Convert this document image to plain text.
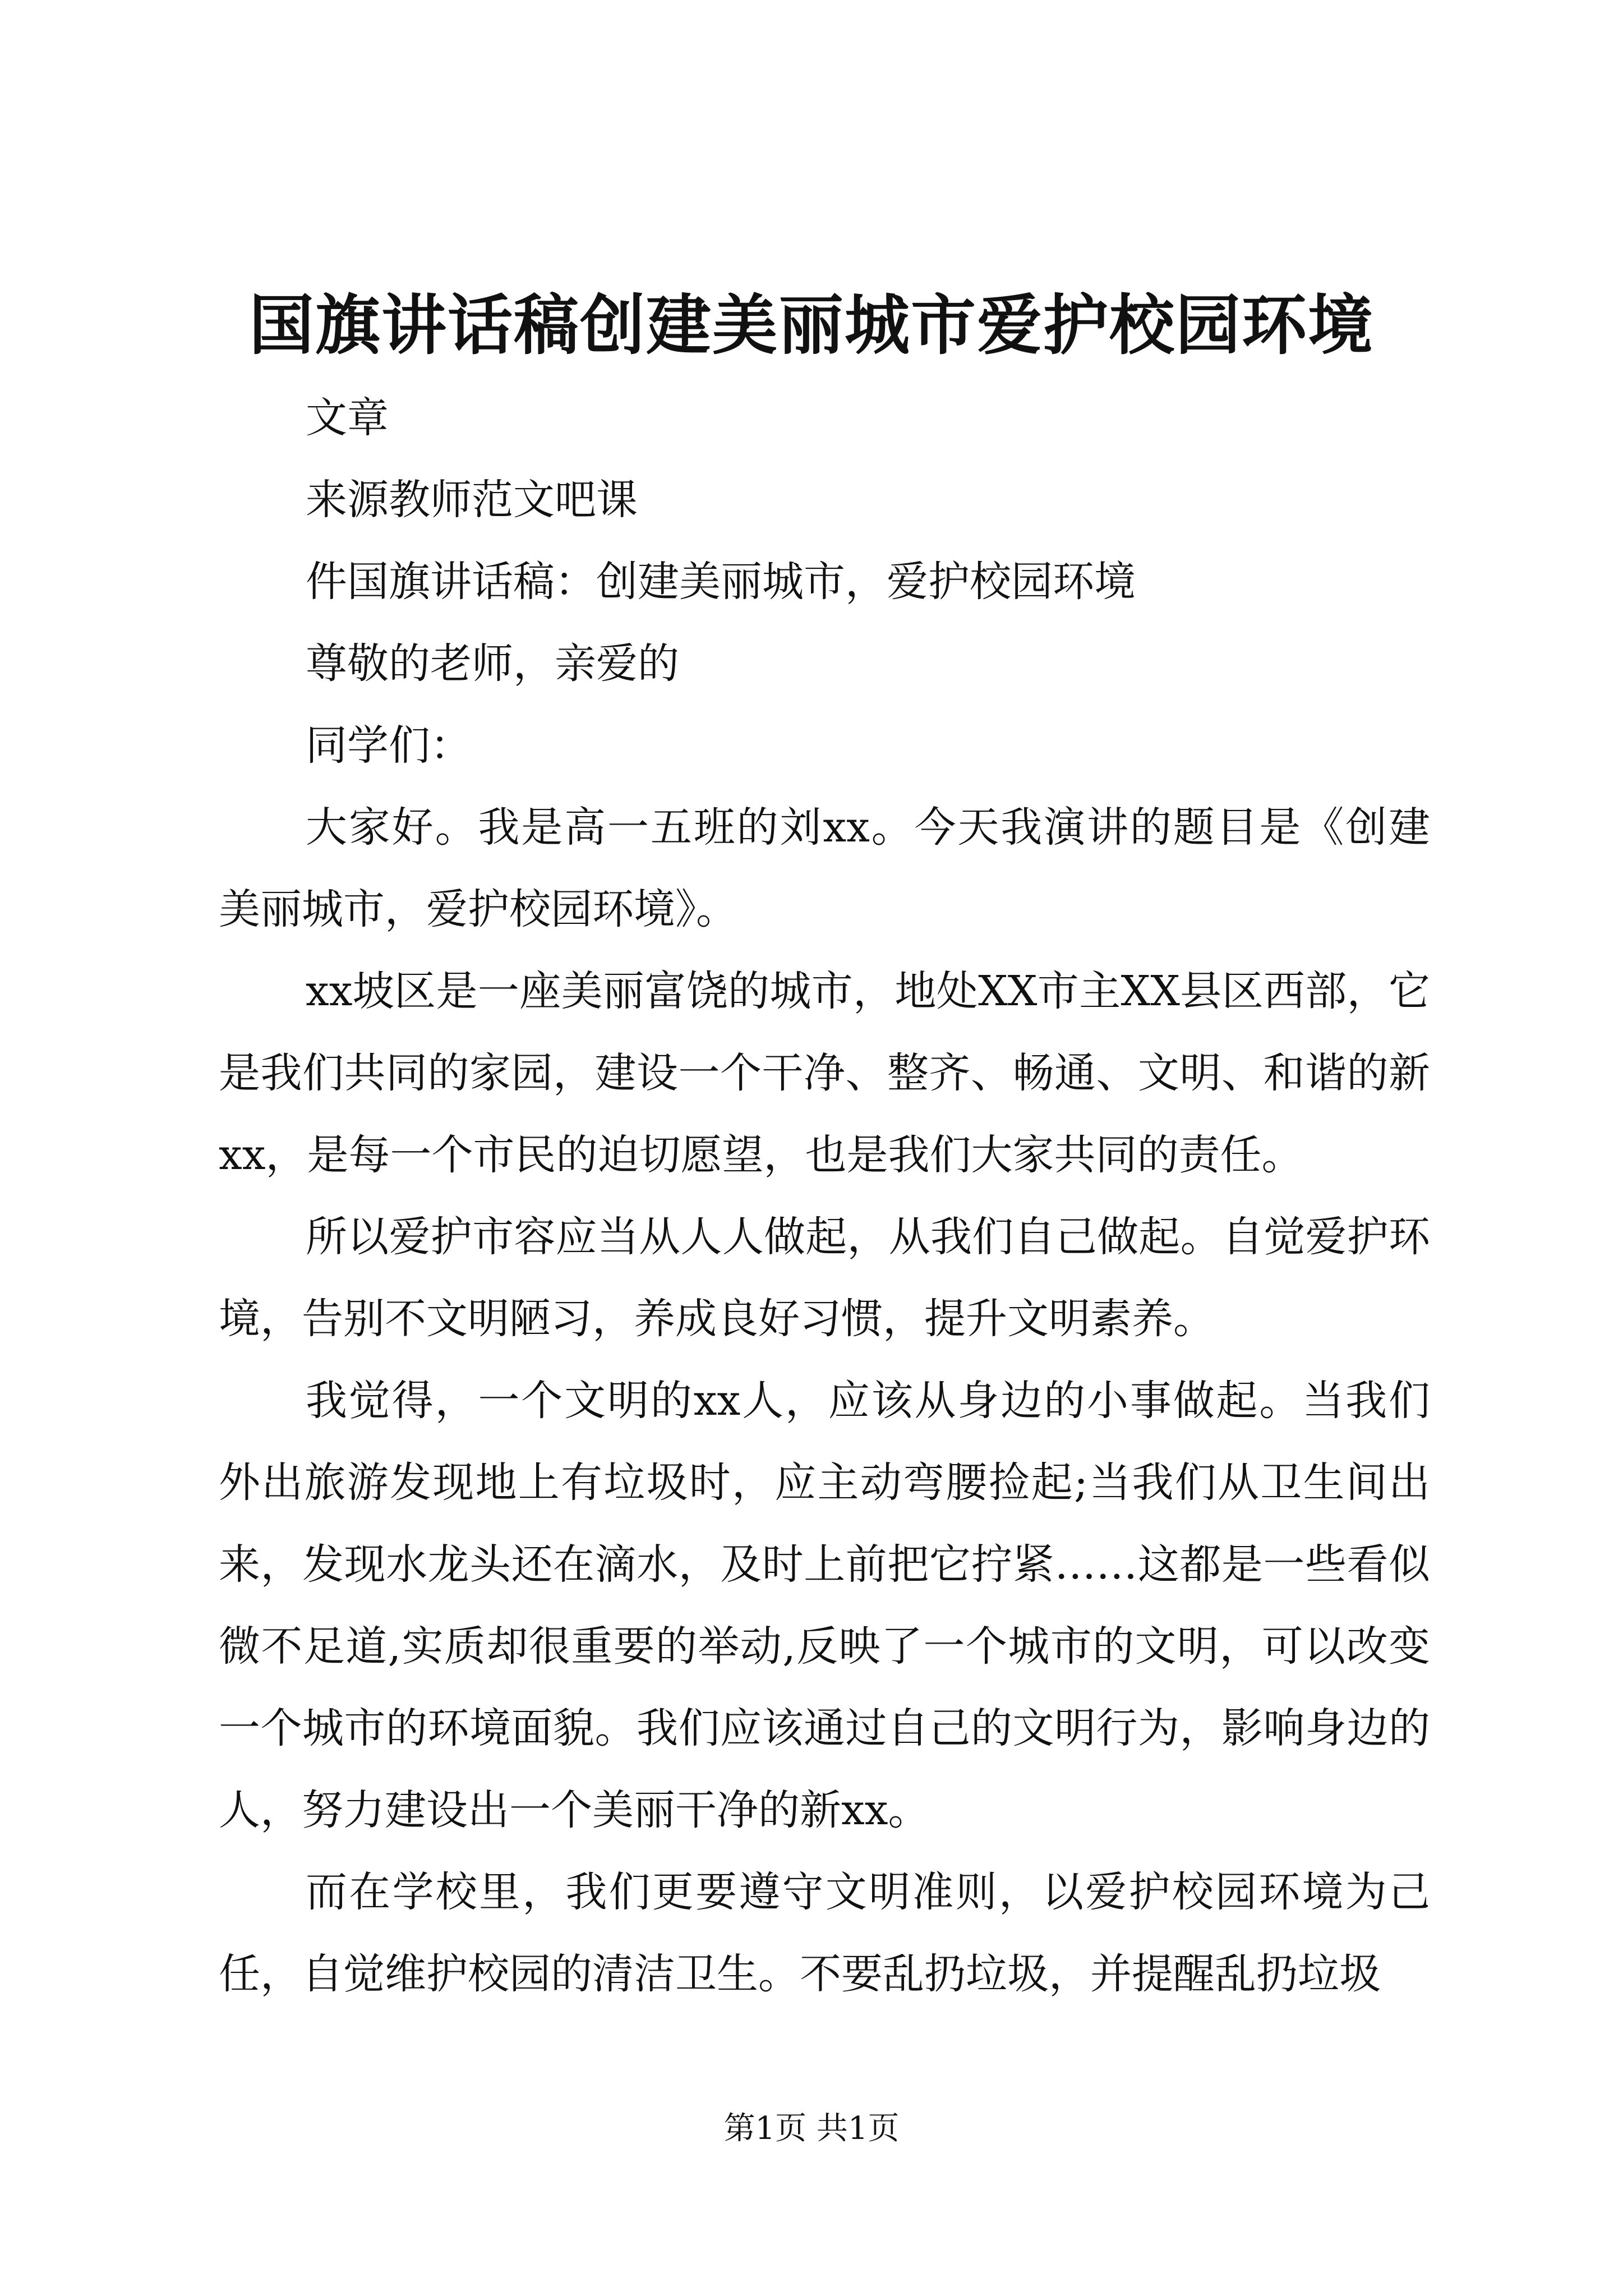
国旗讲话稿创建美丽城市爱护校园环境

文章

来源教师范文吧课

件国旗讲话稿：创建美丽城市，爱护校园环境

尊敬的老师，亲爱的

同学们：

大家好。我是高一五班的刘xx。今天我演讲的题目是《创建美丽城市，爱护校园环境》。

xx坡区是一座美丽富饶的城市，地处XX市主XX县区西部，它是我们共同的家园，建设一个干净、整齐、畅通、文明、和谐的新xx，是每一个市民的迫切愿望，也是我们大家共同的责任。

所以爱护市容应当从人人做起，从我们自己做起。自觉爱护环境，告别不文明陋习，养成良好习惯，提升文明素养。

我觉得，一个文明的xx人，应该从身边的小事做起。当我们外出旅游发现地上有垃圾时，应主动弯腰捡起;当我们从卫生间出来，发现水龙头还在滴水，及时上前把它拧紧……这都是一些看似微不足道,实质却很重要的举动,反映了一个城市的文明，可以改变一个城市的环境面貌。我们应该通过自己的文明行为，影响身边的人，努力建设出一个美丽干净的新xx。

而在学校里，我们更要遵守文明准则，以爱护校园环境为己任，自觉维护校园的清洁卫生。不要乱扔垃圾，并提醒乱扔垃圾

第1页 共1页
